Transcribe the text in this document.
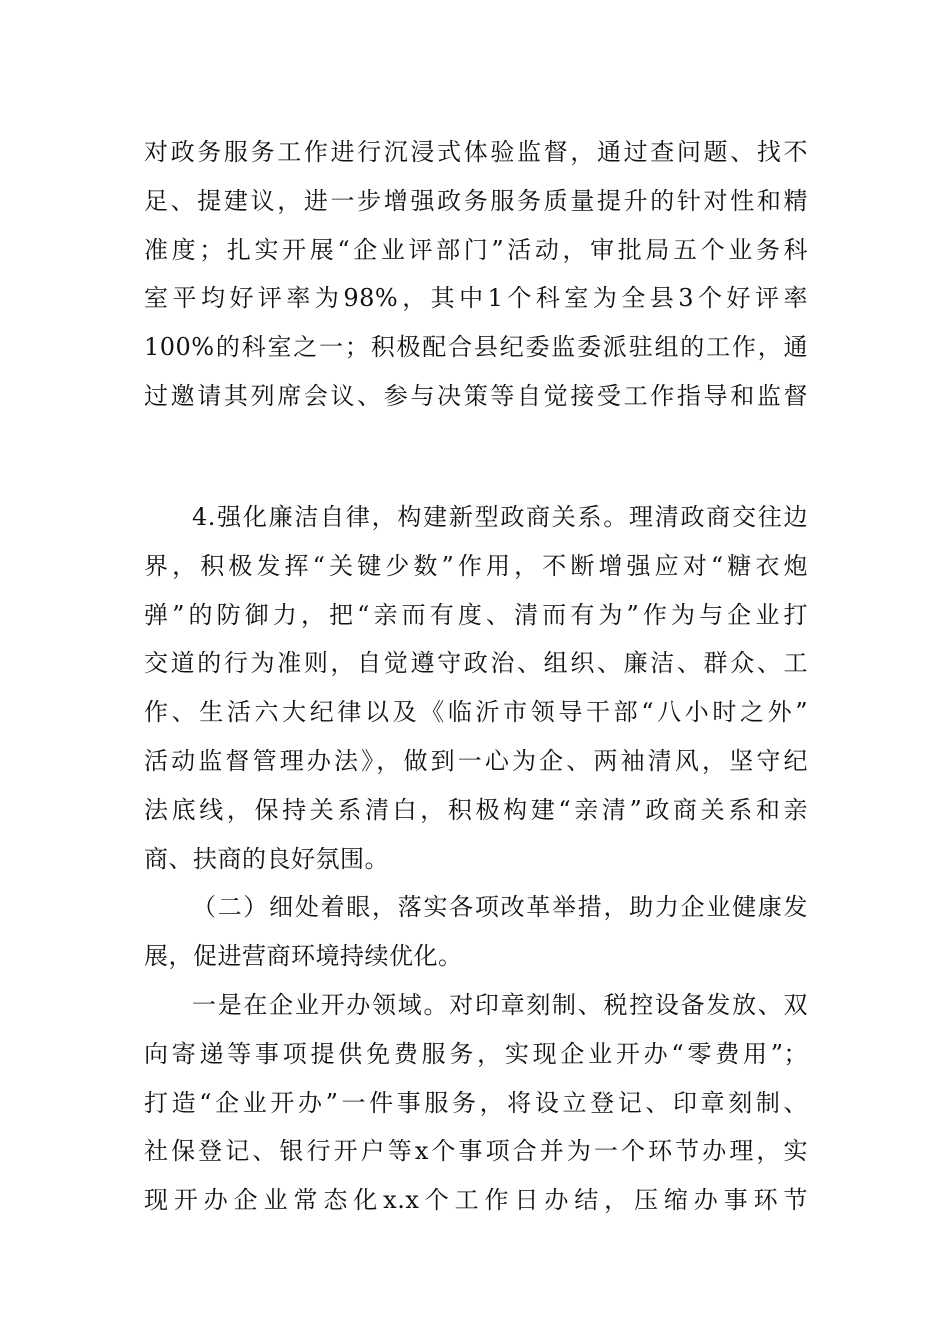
对政务服务工作进行沉浸式体验监督，通过查问题、找不
足、提建议，进一步增强政务服务质量提升的针对性和精
准度；扎实开展“企业评部门”活动，审批局五个业务科
室平均好评率为98%，其中1个科室为全县3个好评率
100%的科室之一；积极配合县纪委监委派驻组的工作，通
过邀请其列席会议、参与决策等自觉接受工作指导和监督
4.强化廉洁自律，构建新型政商关系。理清政商交往边
界，积极发挥“关键少数”作用，不断增强应对“糖衣炮
弹”的防御力，把“亲而有度、清而有为”作为与企业打
交道的行为准则，自觉遵守政治、组织、廉洁、群众、工
作、生活六大纪律以及《临沂市领导干部“八小时之外”
活动监督管理办法》，做到一心为企、两袖清风，坚守纪
法底线，保持关系清白，积极构建“亲清”政商关系和亲
商、扶商的良好氛围。
（二）细处着眼，落实各项改革举措，助力企业健康发
展，促进营商环境持续优化。
一是在企业开办领域。对印章刻制、税控设备发放、双
向寄递等事项提供免费服务，实现企业开办“零费用”；
打造“企业开办”一件事服务，将设立登记、印章刻制、
社保登记、银行开户等x个事项合并为一个环节办理，实
现开办企业常态化x.x个工作日办结，压缩办事环节
